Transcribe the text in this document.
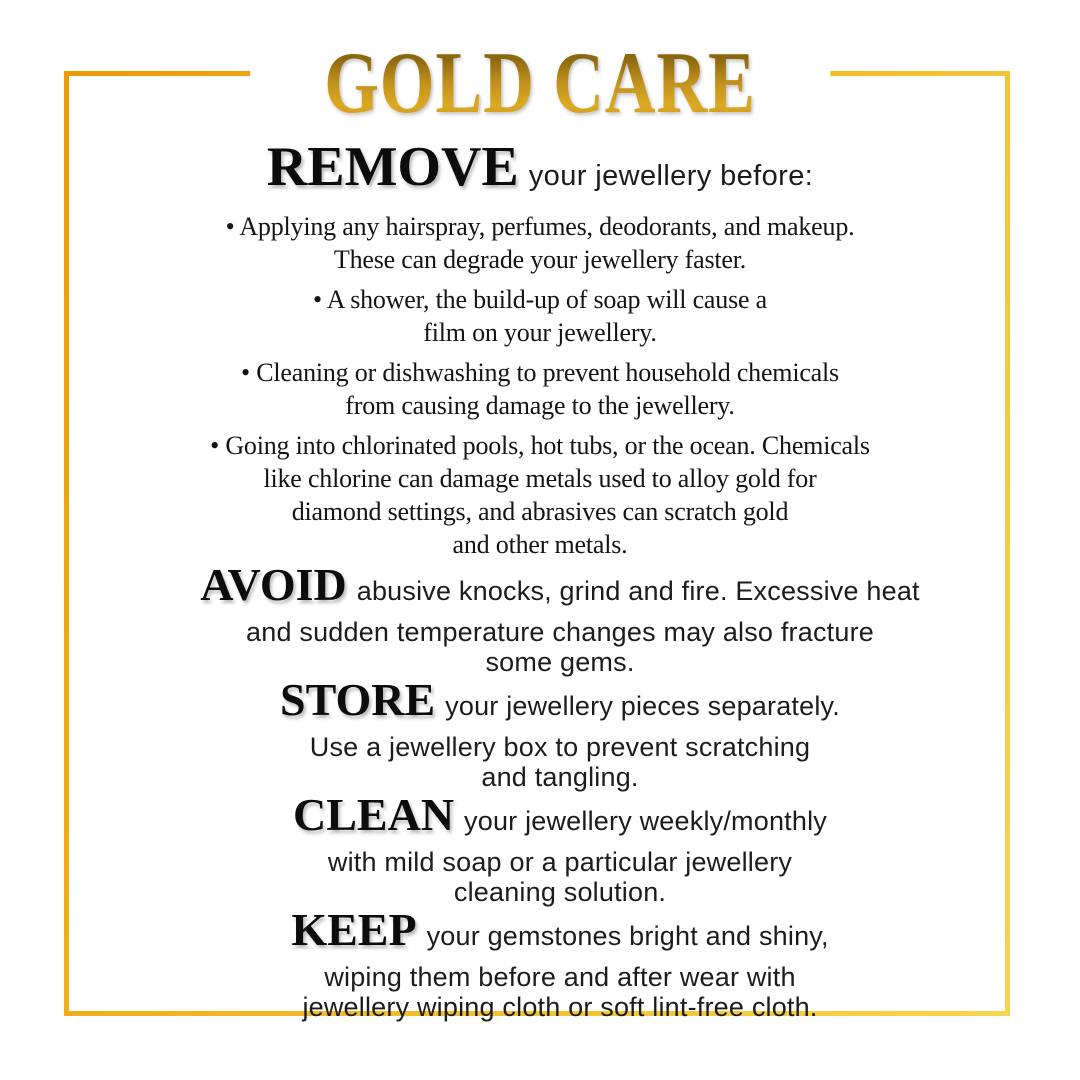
GOLD CARE
REMOVE your jewellery before:
• Applying any hairspray, perfumes, deodorants, and makeup.
These can degrade your jewellery faster.
• A shower, the build-up of soap will cause a
film on your jewellery.
• Cleaning or dishwashing to prevent household chemicals
from causing damage to the jewellery.
• Going into chlorinated pools, hot tubs, or the ocean. Chemicals
like chlorine can damage metals used to alloy gold for
diamond settings, and abrasives can scratch gold
and other metals.
AVOID abusive knocks, grind and fire. Excessive heat
and sudden temperature changes may also fracture
some gems.
STORE your jewellery pieces separately.
Use a jewellery box to prevent scratching
and tangling.
CLEAN your jewellery weekly/monthly
with mild soap or a particular jewellery
cleaning solution.
KEEP your gemstones bright and shiny,
wiping them before and after wear with
jewellery wiping cloth or soft lint-free cloth.
